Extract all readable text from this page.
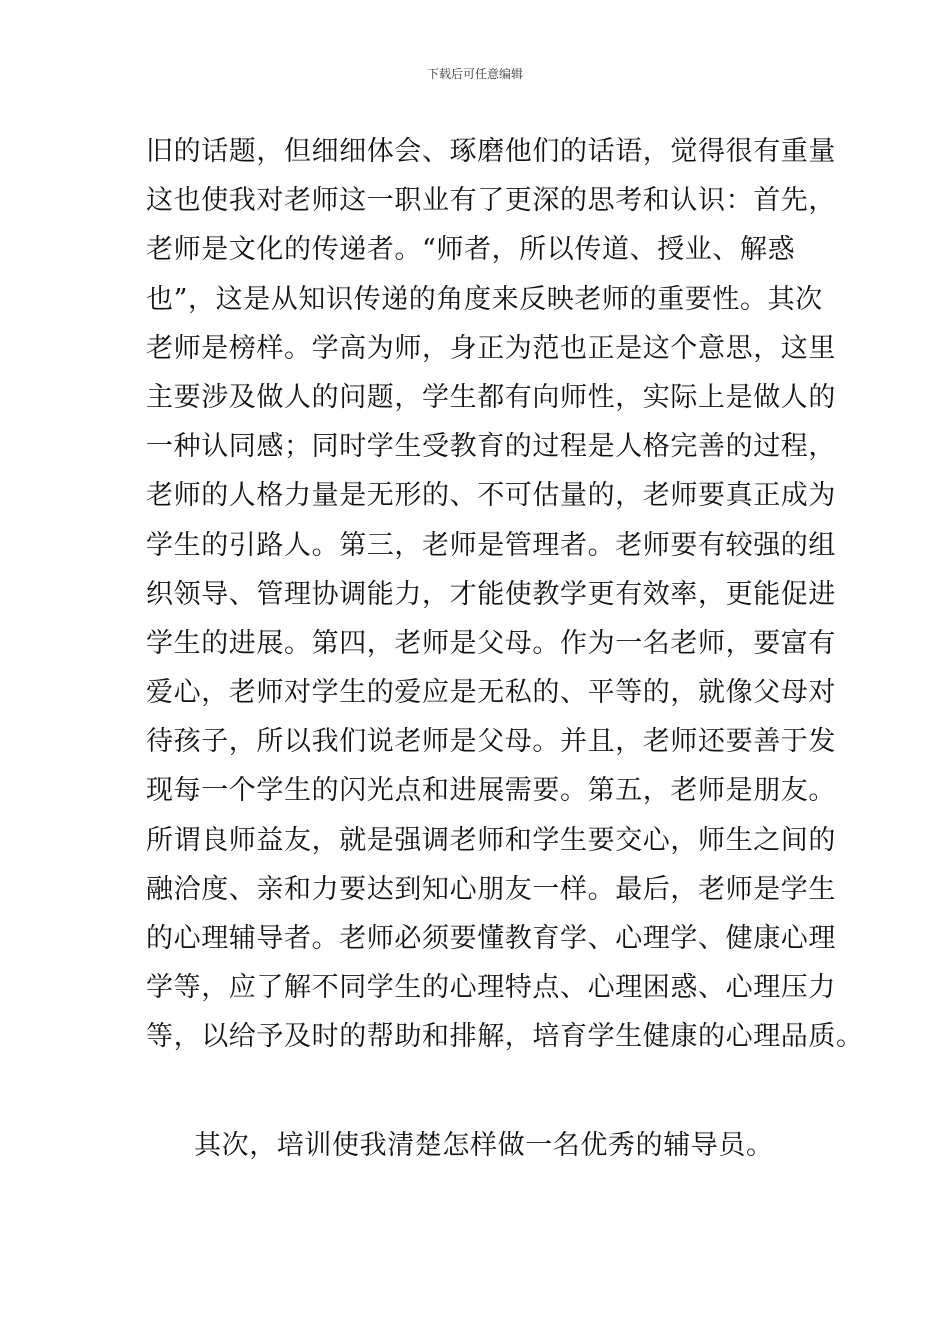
下载后可任意编辑
旧的话题，但细细体会、琢磨他们的话语，觉得很有重量
这也使我对老师这一职业有了更深的思考和认识：首先，
老师是文化的传递者。“师者，所以传道、授业、解惑
也”，这是从知识传递的角度来反映老师的重要性。其次
老师是榜样。学高为师，身正为范也正是这个意思，这里
主要涉及做人的问题，学生都有向师性，实际上是做人的
一种认同感；同时学生受教育的过程是人格完善的过程，
老师的人格力量是无形的、不可估量的，老师要真正成为
学生的引路人。第三，老师是管理者。老师要有较强的组
织领导、管理协调能力，才能使教学更有效率，更能促进
学生的进展。第四，老师是父母。作为一名老师，要富有
爱心，老师对学生的爱应是无私的、平等的，就像父母对
待孩子，所以我们说老师是父母。并且，老师还要善于发
现每一个学生的闪光点和进展需要。第五，老师是朋友。
所谓良师益友，就是强调老师和学生要交心，师生之间的
融洽度、亲和力要达到知心朋友一样。最后，老师是学生
的心理辅导者。老师必须要懂教育学、心理学、健康心理
学等，应了解不同学生的心理特点、心理困惑、心理压力
等，以给予及时的帮助和排解，培育学生健康的心理品质。
其次，培训使我清楚怎样做一名优秀的辅导员。
